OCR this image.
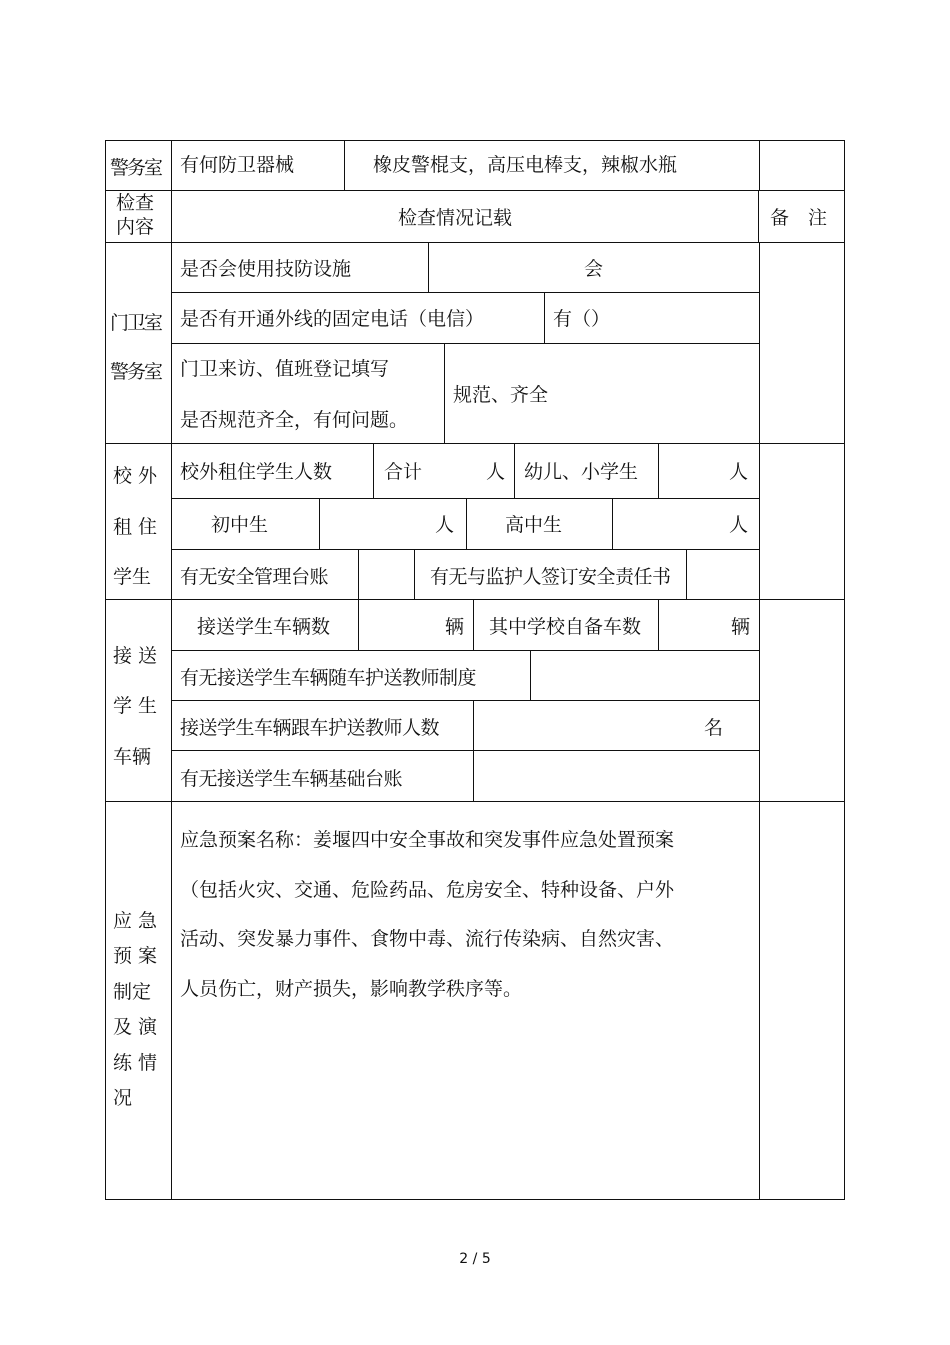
警务室 有何防卫器械	橡皮警棍支，高压电棒支，辣椒水瓶
检查
内容	检查情况记载	备　注
门卫室
警务室
是否会使用技防设施	会
是否有开通外线的固定电话（电信）	有（）
门卫来访、值班登记填写
是否规范齐全，有何问题。
规范、齐全
校 外
租 住
学生
校外租住学生人数	合计	人 幼儿、小学生	人
初中生	人	高中生	人
有无安全管理台账	有无与监护人签订安全责任书
接 送
学 生
车辆
接送学生车辆数	辆 其中学校自备车数	辆
有无接送学生车辆随车护送教师制度
接送学生车辆跟车护送教师人数	名
有无接送学生车辆基础台账
应 急
预 案
制定
及 演
练 情
况
应急预案名称：姜堰四中安全事故和突发事件应急处置预案
（包括火灾、交通、危险药品、危房安全、特种设备、户外
活动、突发暴力事件、食物中毒、流行传染病、自然灾害、
人员伤亡，财产损失，影响教学秩序等。
2 / 5
